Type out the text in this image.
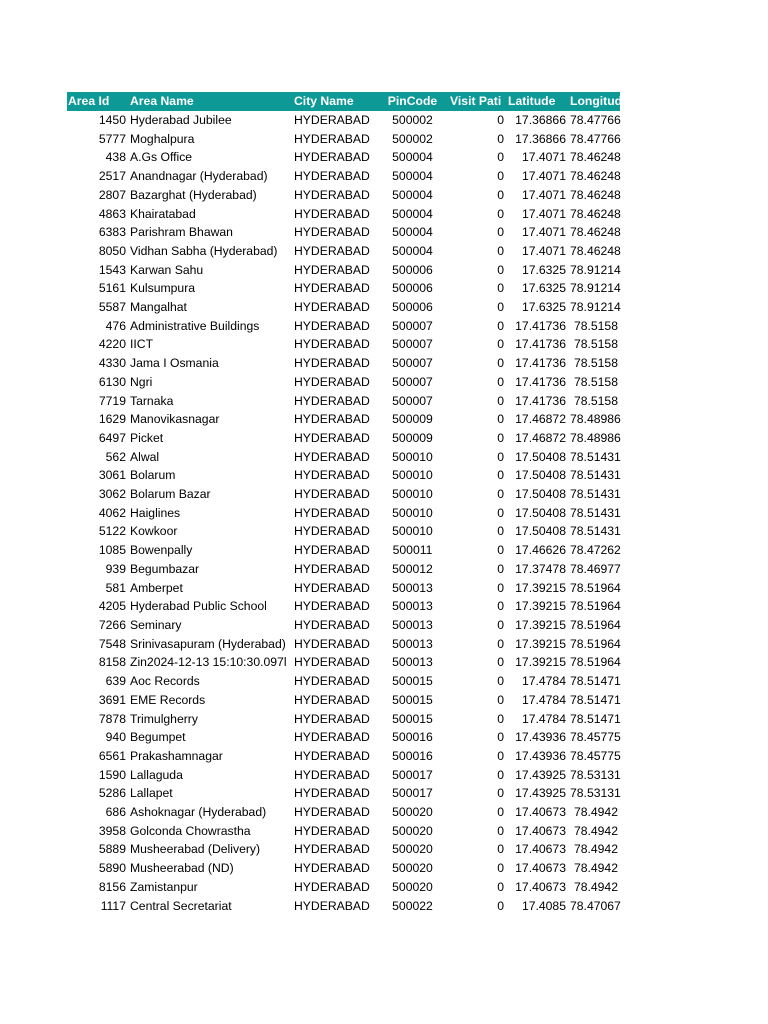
Area Id	Area Name	City Name	PinCode	Visit Pati	Latitude	Longitude
1450	Hyderabad Jubilee	HYDERABAD	500002	0	17.36866	78.47766
5777	Moghalpura	HYDERABAD	500002	0	17.36866	78.47766
438	A.Gs Office	HYDERABAD	500004	0	17.4071	78.46248
2517	Anandnagar (Hyderabad)	HYDERABAD	500004	0	17.4071	78.46248
2807	Bazarghat (Hyderabad)	HYDERABAD	500004	0	17.4071	78.46248
4863	Khairatabad	HYDERABAD	500004	0	17.4071	78.46248
6383	Parishram Bhawan	HYDERABAD	500004	0	17.4071	78.46248
8050	Vidhan Sabha (Hyderabad)	HYDERABAD	500004	0	17.4071	78.46248
1543	Karwan Sahu	HYDERABAD	500006	0	17.6325	78.91214
5161	Kulsumpura	HYDERABAD	500006	0	17.6325	78.91214
5587	Mangalhat	HYDERABAD	500006	0	17.6325	78.91214
476	Administrative Buildings	HYDERABAD	500007	0	17.41736	78.5158
4220	IICT	HYDERABAD	500007	0	17.41736	78.5158
4330	Jama I Osmania	HYDERABAD	500007	0	17.41736	78.5158
6130	Ngri	HYDERABAD	500007	0	17.41736	78.5158
7719	Tarnaka	HYDERABAD	500007	0	17.41736	78.5158
1629	Manovikasnagar	HYDERABAD	500009	0	17.46872	78.48986
6497	Picket	HYDERABAD	500009	0	17.46872	78.48986
562	Alwal	HYDERABAD	500010	0	17.50408	78.51431
3061	Bolarum	HYDERABAD	500010	0	17.50408	78.51431
3062	Bolarum Bazar	HYDERABAD	500010	0	17.50408	78.51431
4062	Haiglines	HYDERABAD	500010	0	17.50408	78.51431
5122	Kowkoor	HYDERABAD	500010	0	17.50408	78.51431
1085	Bowenpally	HYDERABAD	500011	0	17.46626	78.47262
939	Begumbazar	HYDERABAD	500012	0	17.37478	78.46977
581	Amberpet	HYDERABAD	500013	0	17.39215	78.51964
4205	Hyderabad Public School	HYDERABAD	500013	0	17.39215	78.51964
7266	Seminary	HYDERABAD	500013	0	17.39215	78.51964
7548	Srinivasapuram (Hyderabad)	HYDERABAD	500013	0	17.39215	78.51964
8158	Zin2024-12-13 15:10:30.097l	HYDERABAD	500013	0	17.39215	78.51964
639	Aoc Records	HYDERABAD	500015	0	17.4784	78.51471
3691	EME Records	HYDERABAD	500015	0	17.4784	78.51471
7878	Trimulgherry	HYDERABAD	500015	0	17.4784	78.51471
940	Begumpet	HYDERABAD	500016	0	17.43936	78.45775
6561	Prakashamnagar	HYDERABAD	500016	0	17.43936	78.45775
1590	Lallaguda	HYDERABAD	500017	0	17.43925	78.53131
5286	Lallapet	HYDERABAD	500017	0	17.43925	78.53131
686	Ashoknagar (Hyderabad)	HYDERABAD	500020	0	17.40673	78.4942
3958	Golconda Chowrastha	HYDERABAD	500020	0	17.40673	78.4942
5889	Musheerabad (Delivery)	HYDERABAD	500020	0	17.40673	78.4942
5890	Musheerabad (ND)	HYDERABAD	500020	0	17.40673	78.4942
8156	Zamistanpur	HYDERABAD	500020	0	17.40673	78.4942
1117	Central Secretariat	HYDERABAD	500022	0	17.4085	78.47067
